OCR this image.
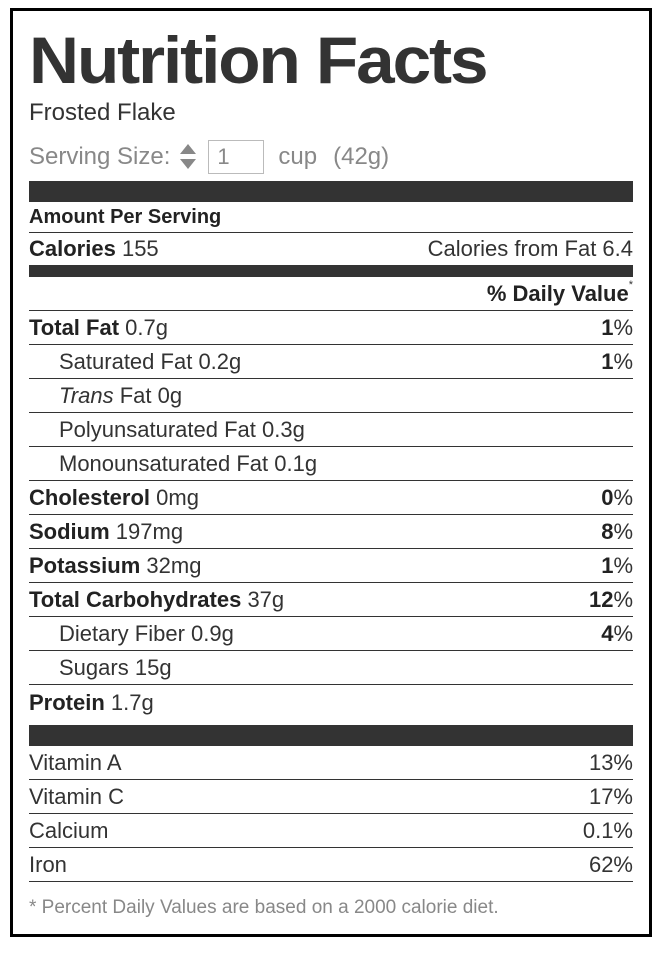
Nutrition Facts
Frosted Flake
Serving Size:
1	cup (42g)
Amount Per Serving
Calories 155	Calories from Fat 6.4
% Daily Value*
* Percent Daily Values are based on a 2000 calorie diet.
Total Fat 0.7g	1%
Saturated Fat 0.2g	1%
Trans Fat 0g
Polyunsaturated Fat 0.3g
Monounsaturated Fat 0.1g
Cholesterol 0mg	0%
Sodium 197mg	8%
Potassium 32mg	1%
Total Carbohydrates 37g	12%
Dietary Fiber 0.9g	4%
Sugars 15g
Protein 1.7g
Vitamin A	13%
Vitamin C	17%
Calcium	0.1%
Iron	62%
